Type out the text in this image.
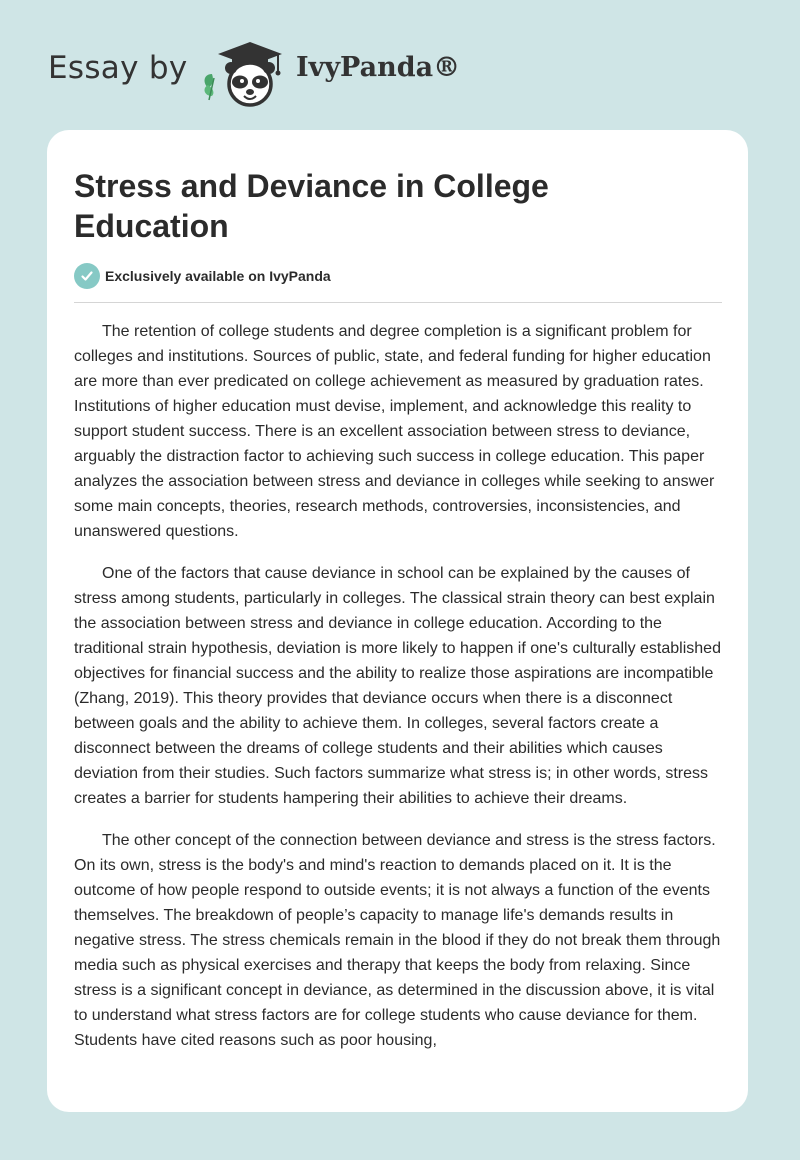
Essay by	IvyPanda®
Stress and Deviance in College Education
Exclusively available on IvyPanda

The retention of college students and degree completion is a significant problem for colleges and institutions. Sources of public, state, and federal funding for higher education are more than ever predicated on college achievement as measured by graduation rates. Institutions of higher education must devise, implement, and acknowledge this reality to support student success. There is an excellent association between stress to deviance, arguably the distraction factor to achieving such success in college education. This paper analyzes the association between stress and deviance in colleges while seeking to answer some main concepts, theories, research methods, controversies, inconsistencies, and unanswered questions.

One of the factors that cause deviance in school can be explained by the causes of stress among students, particularly in colleges. The classical strain theory can best explain the association between stress and deviance in college education. According to the traditional strain hypothesis, deviation is more likely to happen if one's culturally established objectives for financial success and the ability to realize those aspirations are incompatible (Zhang, 2019). This theory provides that deviance occurs when there is a disconnect between goals and the ability to achieve them. In colleges, several factors create a disconnect between the dreams of college students and their abilities which causes deviation from their studies. Such factors summarize what stress is; in other words, stress creates a barrier for students hampering their abilities to achieve their dreams.

The other concept of the connection between deviance and stress is the stress factors. On its own, stress is the body's and mind's reaction to demands placed on it. It is the outcome of how people respond to outside events; it is not always a function of the events themselves. The breakdown of people’s capacity to manage life's demands results in negative stress. The stress chemicals remain in the blood if they do not break them through media such as physical exercises and therapy that keeps the body from relaxing. Since stress is a significant concept in deviance, as determined in the discussion above, it is vital to understand what stress factors are for college students who cause deviance for them. Students have cited reasons such as poor housing,
